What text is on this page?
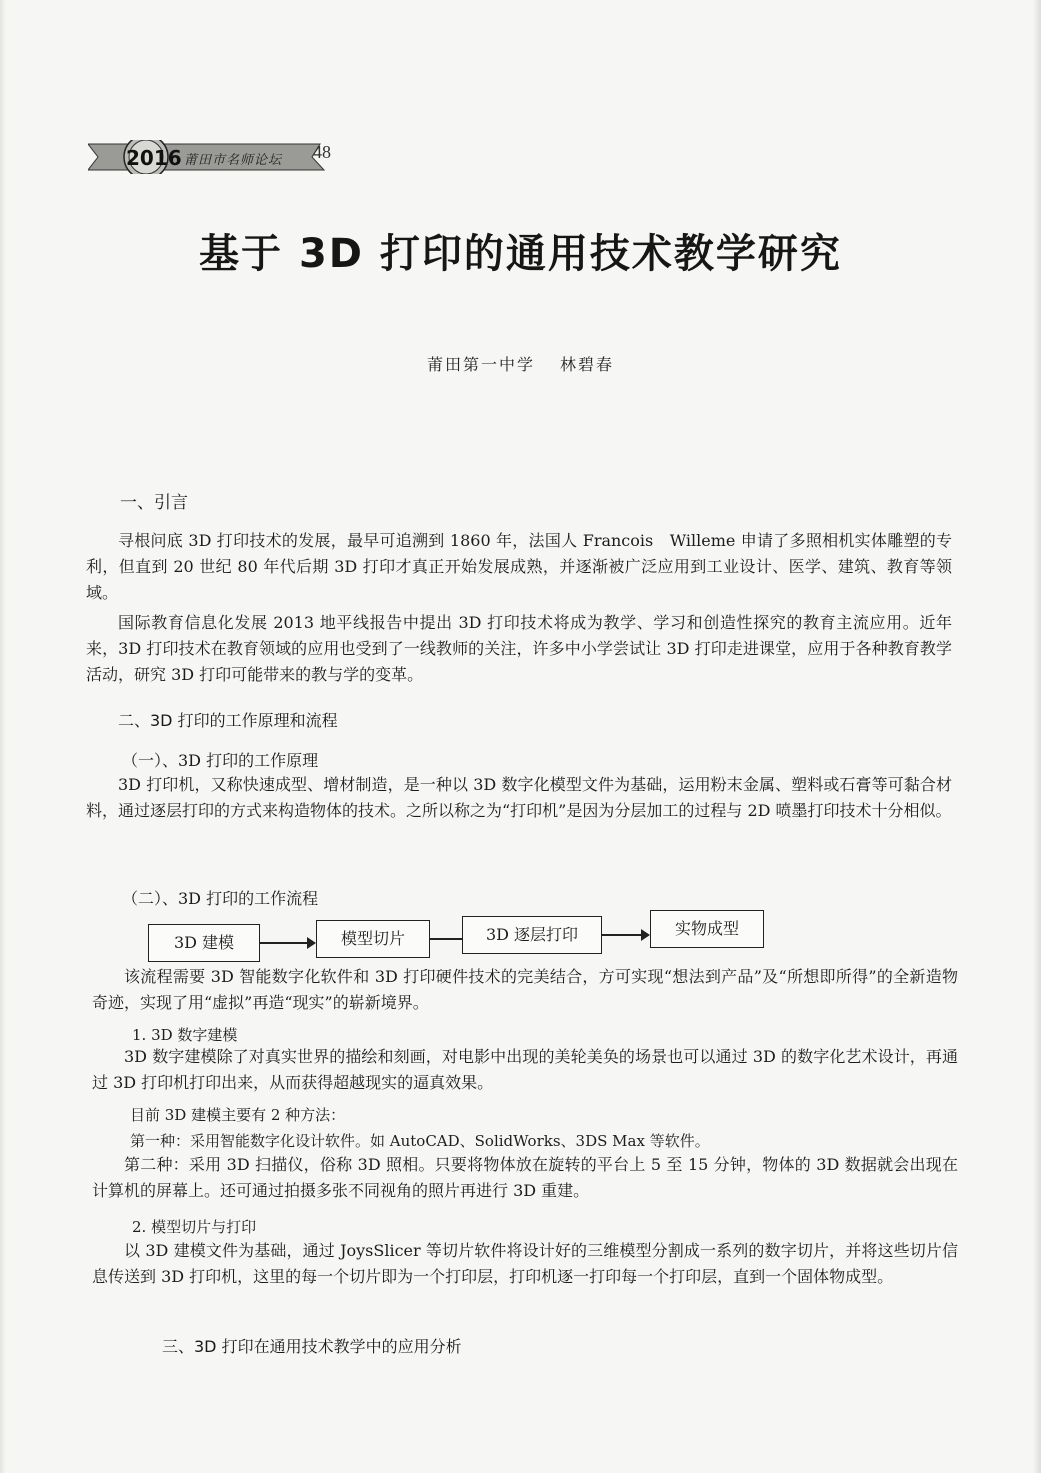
2016 莆田市名师论坛 48
基于 3D 打印的通用技术教学研究
莆田第一中学　 林碧春
一、引言
寻根问底 3D 打印技术的发展，最早可追溯到 1860 年，法国人 Francois　Willeme 申请了多照相机实体雕塑的专利，但直到 20 世纪 80 年代后期 3D 打印才真正开始发展成熟，并逐渐被广泛应用到工业设计、医学、建筑、教育等领域。
国际教育信息化发展 2013 地平线报告中提出 3D 打印技术将成为教学、学习和创造性探究的教育主流应用。近年来，3D 打印技术在教育领域的应用也受到了一线教师的关注，许多中小学尝试让 3D 打印走进课堂，应用于各种教育教学活动，研究 3D 打印可能带来的教与学的变革。
二、3D 打印的工作原理和流程
（一）、3D 打印的工作原理
3D 打印机，又称快速成型、增材制造，是一种以 3D 数字化模型文件为基础，运用粉末金属、塑料或石膏等可黏合材料，通过逐层打印的方式来构造物体的技术。之所以称之为“打印机”是因为分层加工的过程与 2D 喷墨打印技术十分相似。
（二）、3D 打印的工作流程
3D 建模	模型切片	3D 逐层打印	实物成型
该流程需要 3D 智能数字化软件和 3D 打印硬件技术的完美结合，方可实现“想法到产品”及“所想即所得”的全新造物奇迹，实现了用“虚拟”再造“现实”的崭新境界。
1. 3D 数字建模
3D 数字建模除了对真实世界的描绘和刻画，对电影中出现的美轮美奂的场景也可以通过 3D 的数字化艺术设计，再通过 3D 打印机打印出来，从而获得超越现实的逼真效果。
目前 3D 建模主要有 2 种方法：
第一种：采用智能数字化设计软件。如 AutoCAD、SolidWorks、3DS Max 等软件。
第二种：采用 3D 扫描仪，俗称 3D 照相。只要将物体放在旋转的平台上 5 至 15 分钟，物体的 3D 数据就会出现在计算机的屏幕上。还可通过拍摄多张不同视角的照片再进行 3D 重建。
2. 模型切片与打印
以 3D 建模文件为基础，通过 JoysSlicer 等切片软件将设计好的三维模型分割成一系列的数字切片，并将这些切片信息传送到 3D 打印机，这里的每一个切片即为一个打印层，打印机逐一打印每一个打印层，直到一个固体物成型。
三、3D 打印在通用技术教学中的应用分析
